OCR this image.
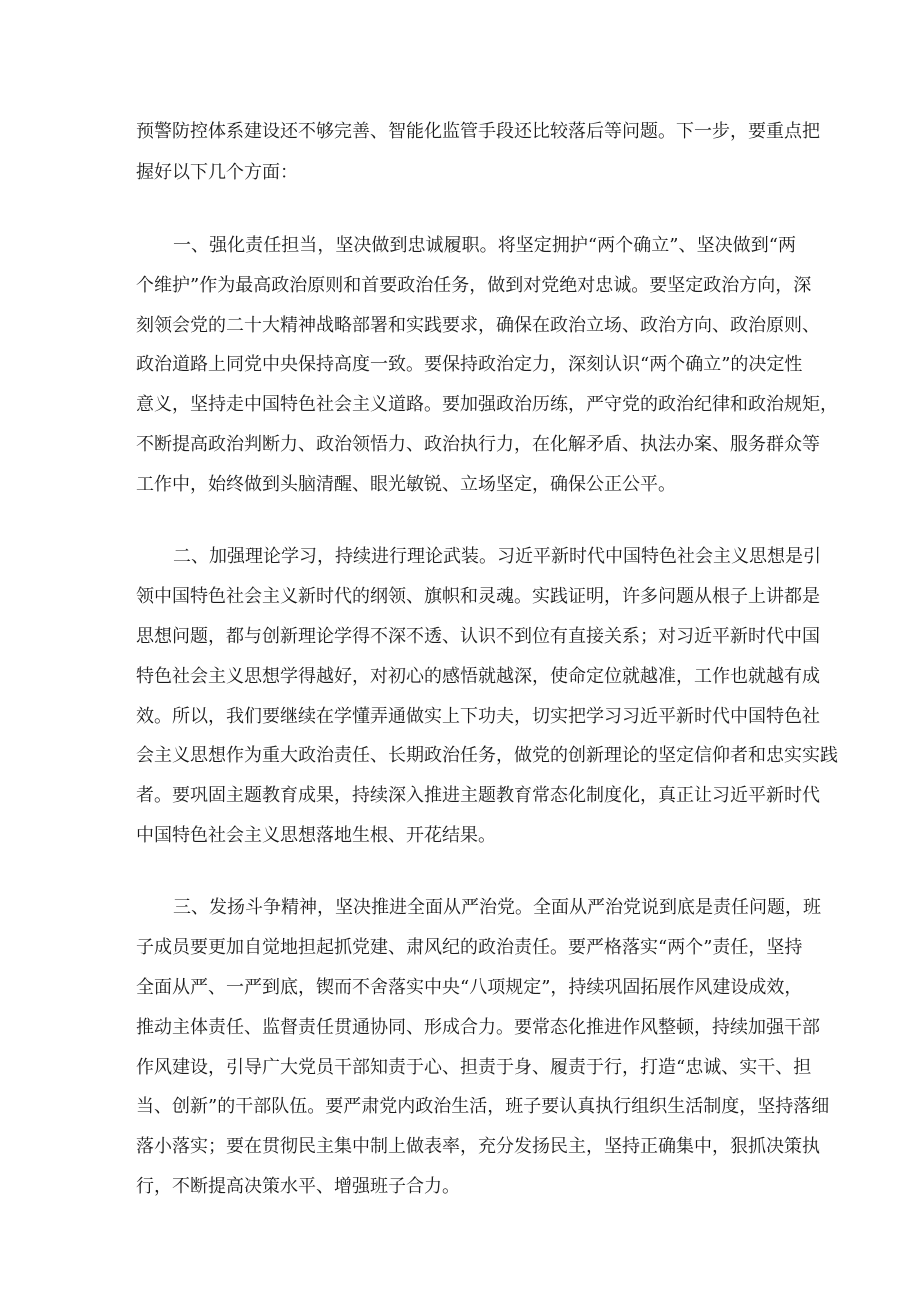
预警防控体系建设还不够完善、智能化监管手段还比较落后等问题。下一步，要重点把
握好以下几个方面：
一、强化责任担当，坚决做到忠诚履职。将坚定拥护“两个确立”、坚决做到“两
个维护”作为最高政治原则和首要政治任务，做到对党绝对忠诚。要坚定政治方向，深
刻领会党的二十大精神战略部署和实践要求，确保在政治立场、政治方向、政治原则、
政治道路上同党中央保持高度一致。要保持政治定力，深刻认识“两个确立”的决定性
意义，坚持走中国特色社会主义道路。要加强政治历练，严守党的政治纪律和政治规矩，
不断提高政治判断力、政治领悟力、政治执行力，在化解矛盾、执法办案、服务群众等
工作中，始终做到头脑清醒、眼光敏锐、立场坚定，确保公正公平。
二、加强理论学习，持续进行理论武装。习近平新时代中国特色社会主义思想是引
领中国特色社会主义新时代的纲领、旗帜和灵魂。实践证明，许多问题从根子上讲都是
思想问题，都与创新理论学得不深不透、认识不到位有直接关系；对习近平新时代中国
特色社会主义思想学得越好，对初心的感悟就越深，使命定位就越准，工作也就越有成
效。所以，我们要继续在学懂弄通做实上下功夫，切实把学习习近平新时代中国特色社
会主义思想作为重大政治责任、长期政治任务，做党的创新理论的坚定信仰者和忠实实践
者。要巩固主题教育成果，持续深入推进主题教育常态化制度化，真正让习近平新时代
中国特色社会主义思想落地生根、开花结果。
三、发扬斗争精神，坚决推进全面从严治党。全面从严治党说到底是责任问题，班
子成员要更加自觉地担起抓党建、肃风纪的政治责任。要严格落实“两个”责任，坚持
全面从严、一严到底，锲而不舍落实中央“八项规定”，持续巩固拓展作风建设成效，
推动主体责任、监督责任贯通协同、形成合力。要常态化推进作风整顿，持续加强干部
作风建设，引导广大党员干部知责于心、担责于身、履责于行，打造“忠诚、实干、担
当、创新”的干部队伍。要严肃党内政治生活，班子要认真执行组织生活制度，坚持落细
落小落实；要在贯彻民主集中制上做表率，充分发扬民主，坚持正确集中，狠抓决策执
行，不断提高决策水平、增强班子合力。
